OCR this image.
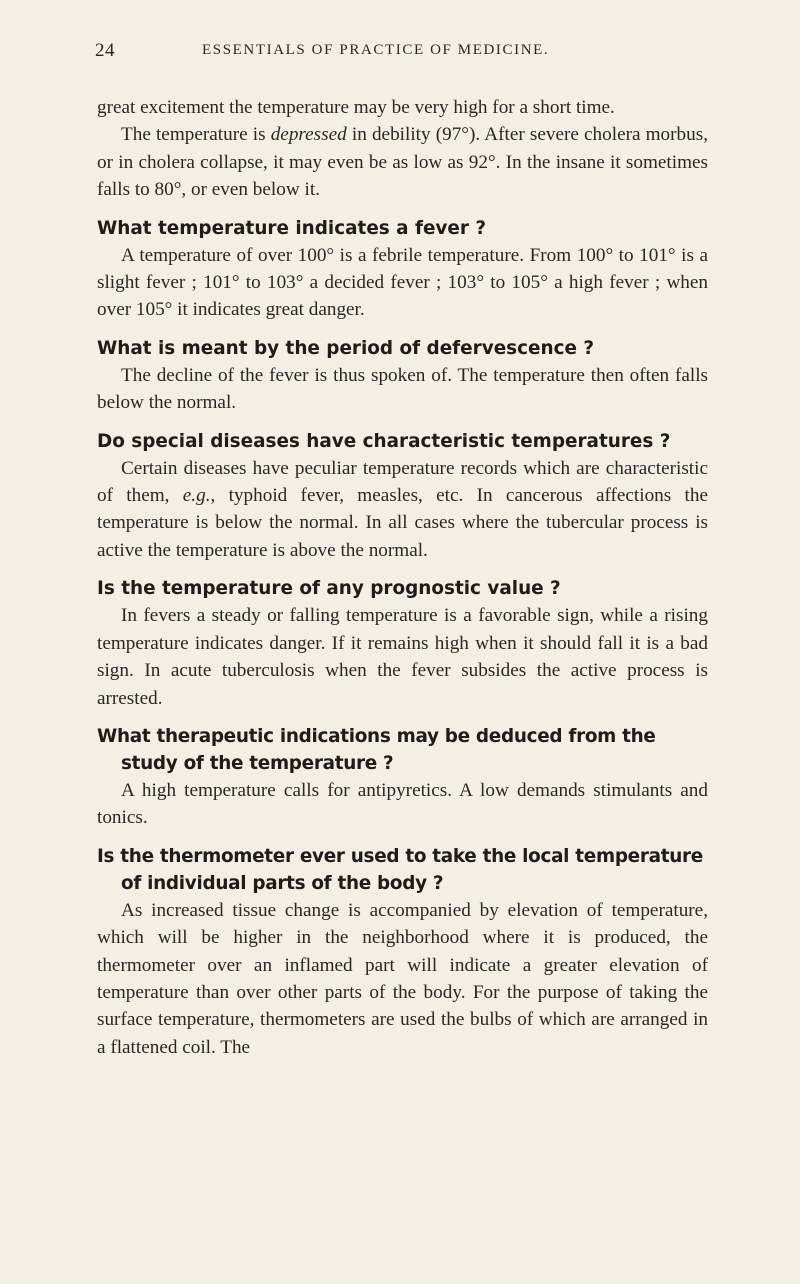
24	ESSENTIALS OF PRACTICE OF MEDICINE.

great excitement the temperature may be very high for a short time.

The temperature is depressed in debility (97°). After severe cholera morbus, or in cholera collapse, it may even be as low as 92°. In the insane it sometimes falls to 80°, or even below it.

What temperature indicates a fever ?

A temperature of over 100° is a febrile temperature. From 100° to 101° is a slight fever ; 101° to 103° a decided fever ; 103° to 105° a high fever ; when over 105° it indicates great danger.

What is meant by the period of defervescence ?

The decline of the fever is thus spoken of. The temperature then often falls below the normal.

Do special diseases have characteristic temperatures ?

Certain diseases have peculiar temperature records which are characteristic of them, e.g., typhoid fever, measles, etc. In cancerous affections the temperature is below the normal. In all cases where the tubercular process is active the temperature is above the normal.

Is the temperature of any prognostic value ?

In fevers a steady or falling temperature is a favorable sign, while a rising temperature indicates danger. If it remains high when it should fall it is a bad sign. In acute tuberculosis when the fever subsides the active process is arrested.

What therapeutic indications may be deduced from the study of the temperature ?

A high temperature calls for antipyretics. A low demands stimulants and tonics.

Is the thermometer ever used to take the local temperature of individual parts of the body ?

As increased tissue change is accompanied by elevation of temperature, which will be higher in the neighborhood where it is produced, the thermometer over an inflamed part will indicate a greater elevation of temperature than over other parts of the body. For the purpose of taking the surface temperature, thermometers are used the bulbs of which are arranged in a flattened coil. The
